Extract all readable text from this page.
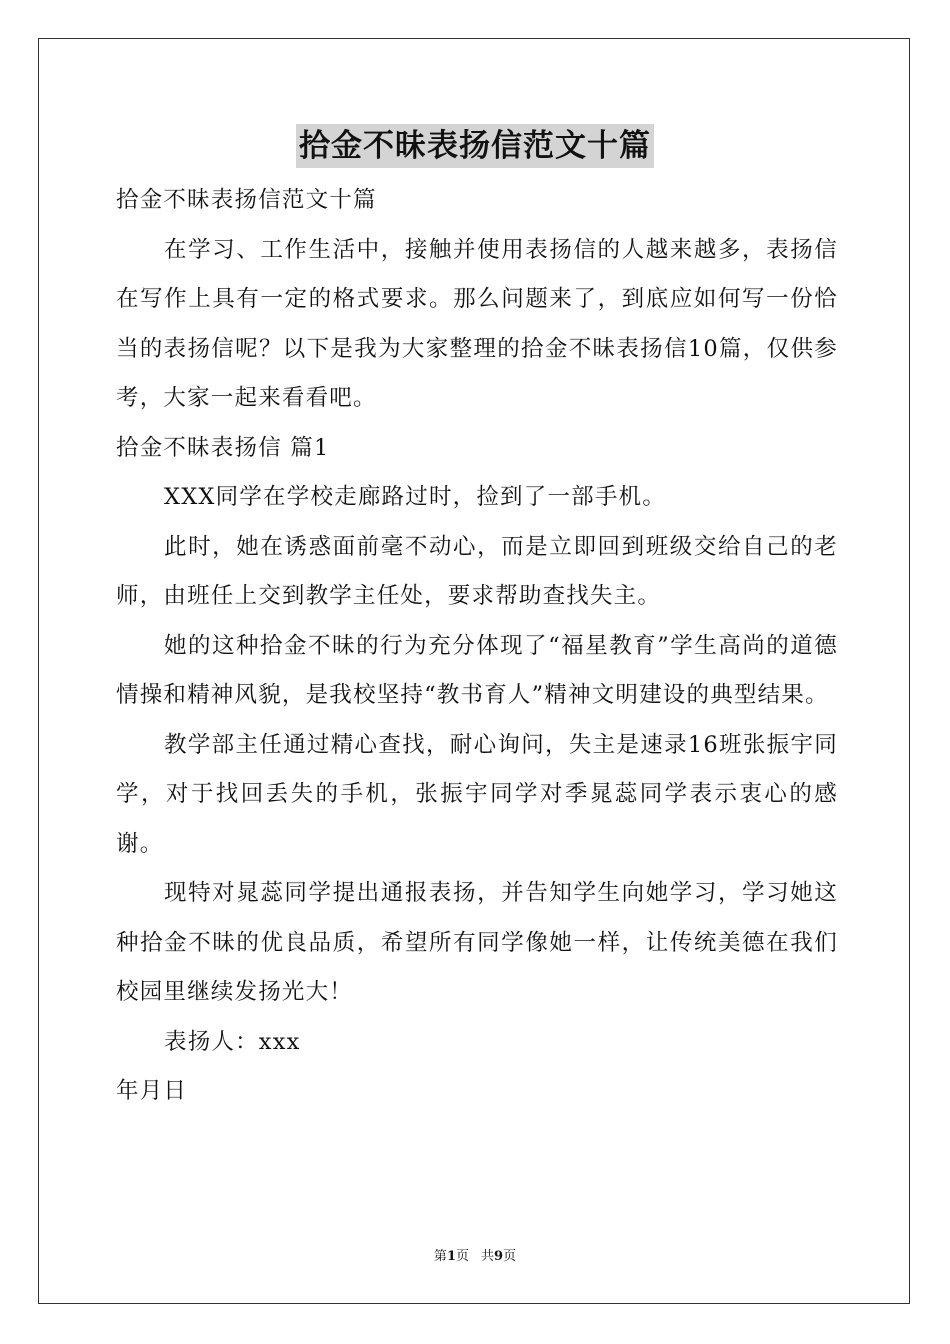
拾金不昧表扬信范文十篇

拾金不昧表扬信范文十篇

在学习、工作生活中，接触并使用表扬信的人越来越多，表扬信在写作上具有一定的格式要求。那么问题来了，到底应如何写一份恰当的表扬信呢？以下是我为大家整理的拾金不昧表扬信10篇，仅供参考，大家一起来看看吧。

拾金不昧表扬信 篇1

XXX同学在学校走廊路过时，捡到了一部手机。

此时，她在诱惑面前毫不动心，而是立即回到班级交给自己的老师，由班任上交到教学主任处，要求帮助查找失主。

她的这种拾金不昧的行为充分体现了“福星教育”学生高尚的道德情操和精神风貌，是我校坚持“教书育人”精神文明建设的典型结果。

教学部主任通过精心查找，耐心询问，失主是速录16班张振宇同学，对于找回丢失的手机，张振宇同学对季晁蕊同学表示衷心的感谢。

现特对晁蕊同学提出通报表扬，并告知学生向她学习，学习她这种拾金不昧的优良品质，希望所有同学像她一样，让传统美德在我们校园里继续发扬光大！

表扬人：xxx

年月日

第1页 共9页
